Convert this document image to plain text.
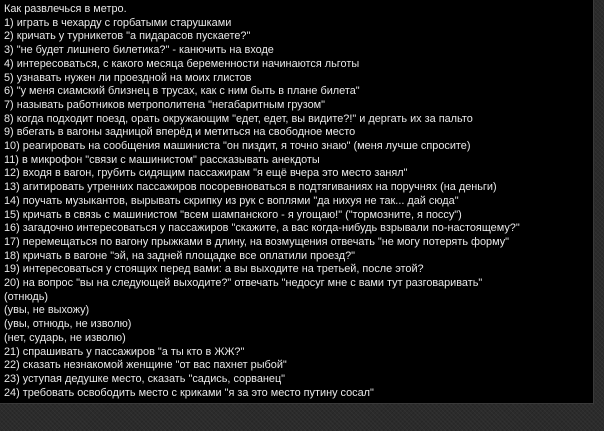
Как развлечься в метро.
1) играть в чехарду с горбатыми старушками
2) кричать у турникетов "а пидарасов пускаете?"
3) "не будет лишнего билетика?" - канючить на входе
4) интересоваться, с какого месяца беременности начинаются льготы
5) узнавать нужен ли проездной на моих глистов
6) "у меня сиамский близнец в трусах, как с ним быть в плане билета"
7) называть работников метрополитена "негабаритным грузом"
8) когда подходит поезд, орать окружающим "едет, едет, вы видите?!" и дергать их за пальто
9) вбегать в вагоны задницой вперёд и метиться на свободное место
10) реагировать на сообщения машиниста "он пиздит, я точно знаю" (меня лучше спросите)
11) в микрофон "связи с машинистом" рассказывать анекдоты
12) входя в вагон, грубить сидящим пассажирам "я ещё вчера это место занял"
13) агитировать утренних пассажиров посоревноваться в подтягиваниях на поручнях (на деньги)
14) поучать музыкантов, вырывать скрипку из рук с воплями "да нихуя не так... дай сюда"
15) кричать в связь с машинистом "всем шампанского - я угощаю!" ("тормозните, я поссу")
16) загадочно интересоваться у пассажиров "скажите, а вас когда-нибудь взрывали по-настоящему?"
17) перемещаться по вагону прыжками в длину, на возмущения отвечать "не могу потерять форму"
18) кричать в вагоне "эй, на задней площадке все оплатили проезд?"
19) интересоваться у стоящих перед вами: а вы выходите на третьей, после этой?
20) на вопрос "вы на следующей выходите?" отвечать "недосуг мне с вами тут разговаривать"
(отнюдь)
(увы, не выхожу)
(увы, отнюдь, не изволю)
(нет, сударь, не изволю)
21) спрашивать у пассажиров "а ты кто в ЖЖ?"
22) сказать незнакомой женщине "от вас пахнет рыбой"
23) уступая дедушке место, сказать "садись, сорванец"
24) требовать освободить место с криками "я за это место путину сосал"
